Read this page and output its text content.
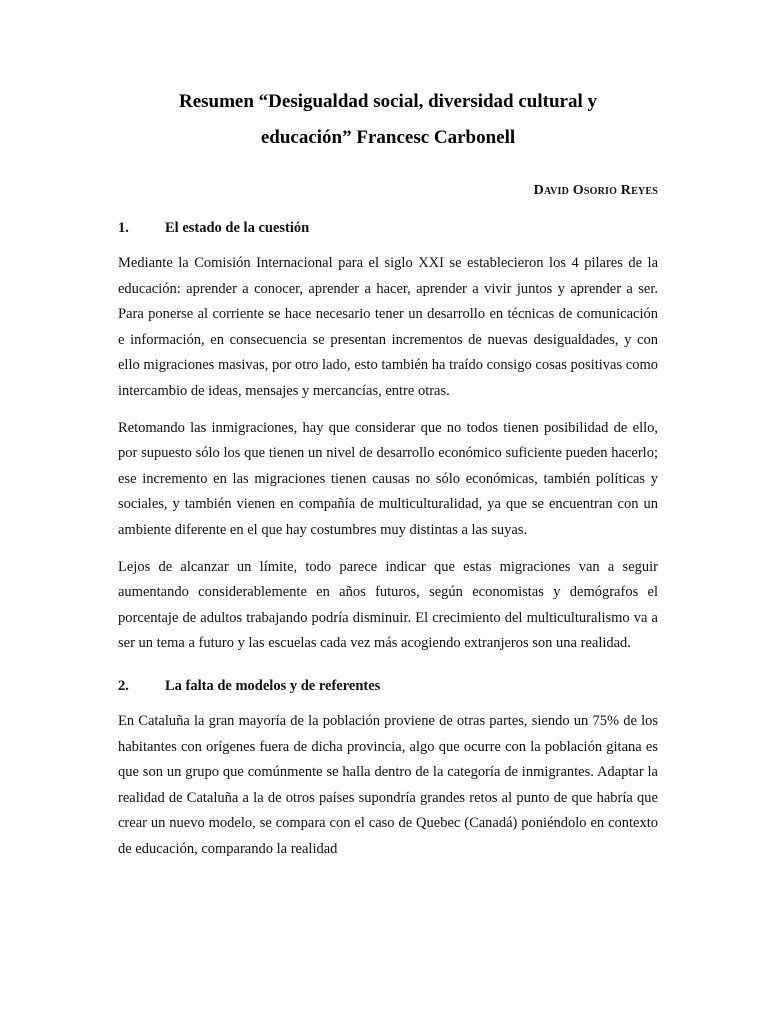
Resumen “Desigualdad social, diversidad cultural y
educación” Francesc Carbonell
David Osorio Reyes
1.	El estado de la cuestión

Mediante la Comisión Internacional para el siglo XXI se establecieron los 4 pilares de la educación: aprender a conocer, aprender a hacer, aprender a vivir juntos y aprender a ser. Para ponerse al corriente se hace necesario tener un desarrollo en técnicas de comunicación e información, en consecuencia se presentan incrementos de nuevas desigualdades, y con ello migraciones masivas, por otro lado, esto también ha traído consigo cosas positivas como intercambio de ideas, mensajes y mercancías, entre otras.

Retomando las inmigraciones, hay que considerar que no todos tienen posibilidad de ello, por supuesto sólo los que tienen un nivel de desarrollo económico suficiente pueden hacerlo; ese incremento en las migraciones tienen causas no sólo económicas, también políticas y sociales, y también vienen en compañía de multiculturalidad, ya que se encuentran con un ambiente diferente en el que hay costumbres muy distintas a las suyas.

Lejos de alcanzar un límite, todo parece indicar que estas migraciones van a seguir aumentando considerablemente en años futuros, según economistas y demógrafos el porcentaje de adultos trabajando podría disminuir. El crecimiento del multiculturalismo va a ser un tema a futuro y las escuelas cada vez más acogiendo extranjeros son una realidad.

2.	La falta de modelos y de referentes

En Cataluña la gran mayoría de la población proviene de otras partes, siendo un 75% de los habitantes con orígenes fuera de dicha provincia, algo que ocurre con la población gitana es que son un grupo que comúnmente se halla dentro de la categoría de inmigrantes. Adaptar la realidad de Cataluña a la de otros países supondría grandes retos al punto de que habría que crear un nuevo modelo, se compara con el caso de Quebec (Canadá) poniéndolo en contexto de educación, comparando la realidad
